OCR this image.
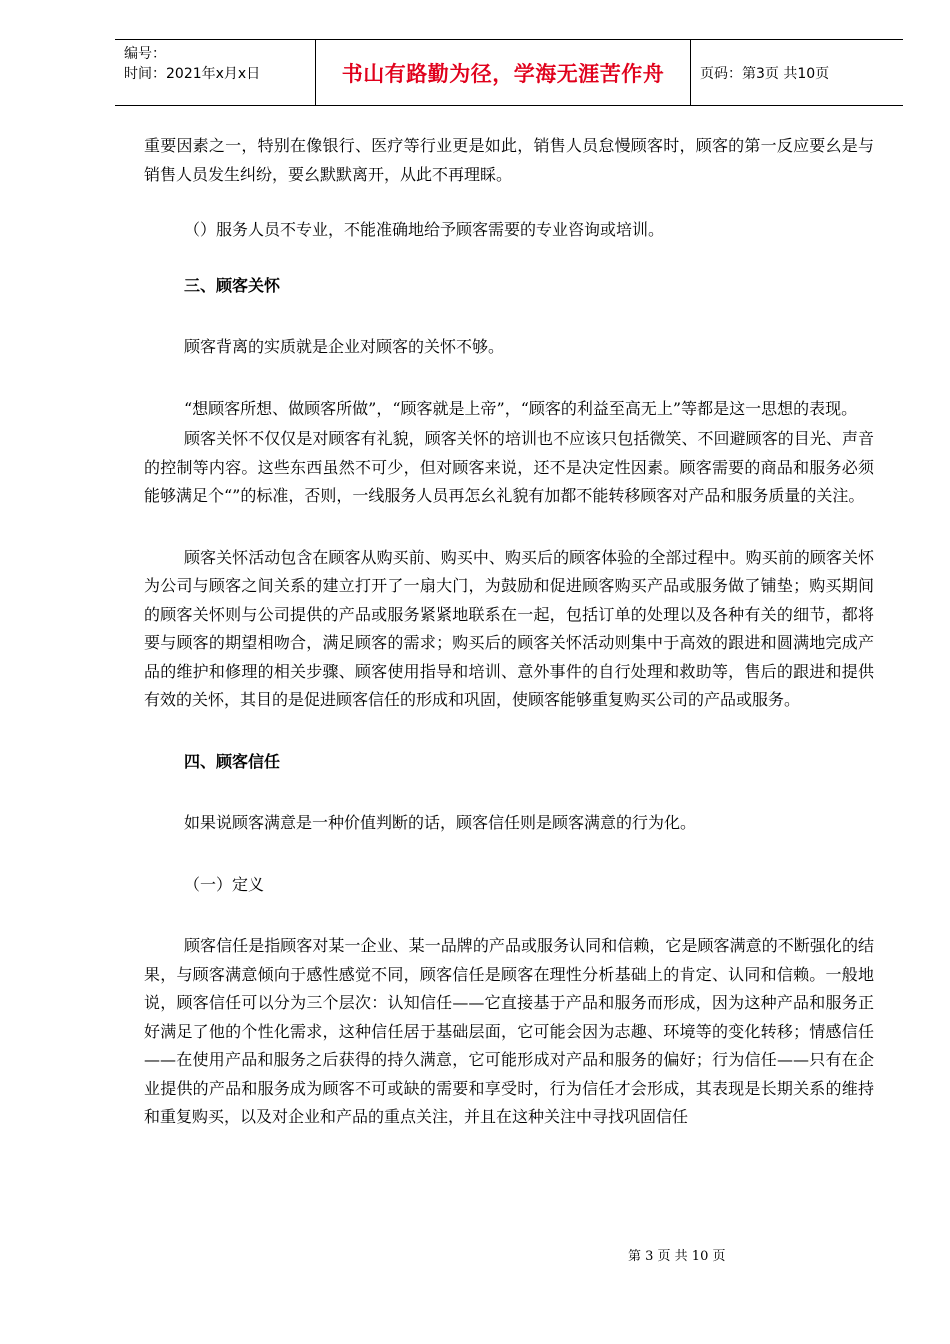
编号：
时间：2021年x月x日	书山有路勤为径，学海无涯苦作舟	页码：第3页 共10页

重要因素之一，特别在像银行、医疗等行业更是如此，销售人员怠慢顾客时，顾客的第一反应要幺是与销售人员发生纠纷，要幺默默离开，从此不再理睬。

（）服务人员不专业，不能准确地给予顾客需要的专业咨询或培训。

三、顾客关怀

顾客背离的实质就是企业对顾客的关怀不够。

“想顾客所想、做顾客所做”，“顾客就是上帝”，“顾客的利益至高无上”等都是这一思想的表现。

顾客关怀不仅仅是对顾客有礼貌，顾客关怀的培训也不应该只包括微笑、不回避顾客的目光、声音的控制等内容。这些东西虽然不可少，但对顾客来说，还不是决定性因素。顾客需要的商品和服务必须能够满足个“”的标准，否则，一线服务人员再怎幺礼貌有加都不能转移顾客对产品和服务质量的关注。

顾客关怀活动包含在顾客从购买前、购买中、购买后的顾客体验的全部过程中。购买前的顾客关怀为公司与顾客之间关系的建立打开了一扇大门，为鼓励和促进顾客购买产品或服务做了铺垫；购买期间的顾客关怀则与公司提供的产品或服务紧紧地联系在一起，包括订单的处理以及各种有关的细节，都将要与顾客的期望相吻合，满足顾客的需求；购买后的顾客关怀活动则集中于高效的跟进和圆满地完成产品的维护和修理的相关步骤、顾客使用指导和培训、意外事件的自行处理和救助等，售后的跟进和提供有效的关怀，其目的是促进顾客信任的形成和巩固，使顾客能够重复购买公司的产品或服务。

四、顾客信任

如果说顾客满意是一种价值判断的话，顾客信任则是顾客满意的行为化。

（一）定义

顾客信任是指顾客对某一企业、某一品牌的产品或服务认同和信赖，它是顾客满意的不断强化的结果，与顾客满意倾向于感性感觉不同，顾客信任是顾客在理性分析基础上的肯定、认同和信赖。一般地说，顾客信任可以分为三个层次：认知信任——它直接基于产品和服务而形成，因为这种产品和服务正好满足了他的个性化需求，这种信任居于基础层面，它可能会因为志趣、环境等的变化转移；情感信任——在使用产品和服务之后获得的持久满意，它可能形成对产品和服务的偏好；行为信任——只有在企业提供的产品和服务成为顾客不可或缺的需要和享受时，行为信任才会形成，其表现是长期关系的维持和重复购买，以及对企业和产品的重点关注，并且在这种关注中寻找巩固信任

第 3 页 共 10 页
